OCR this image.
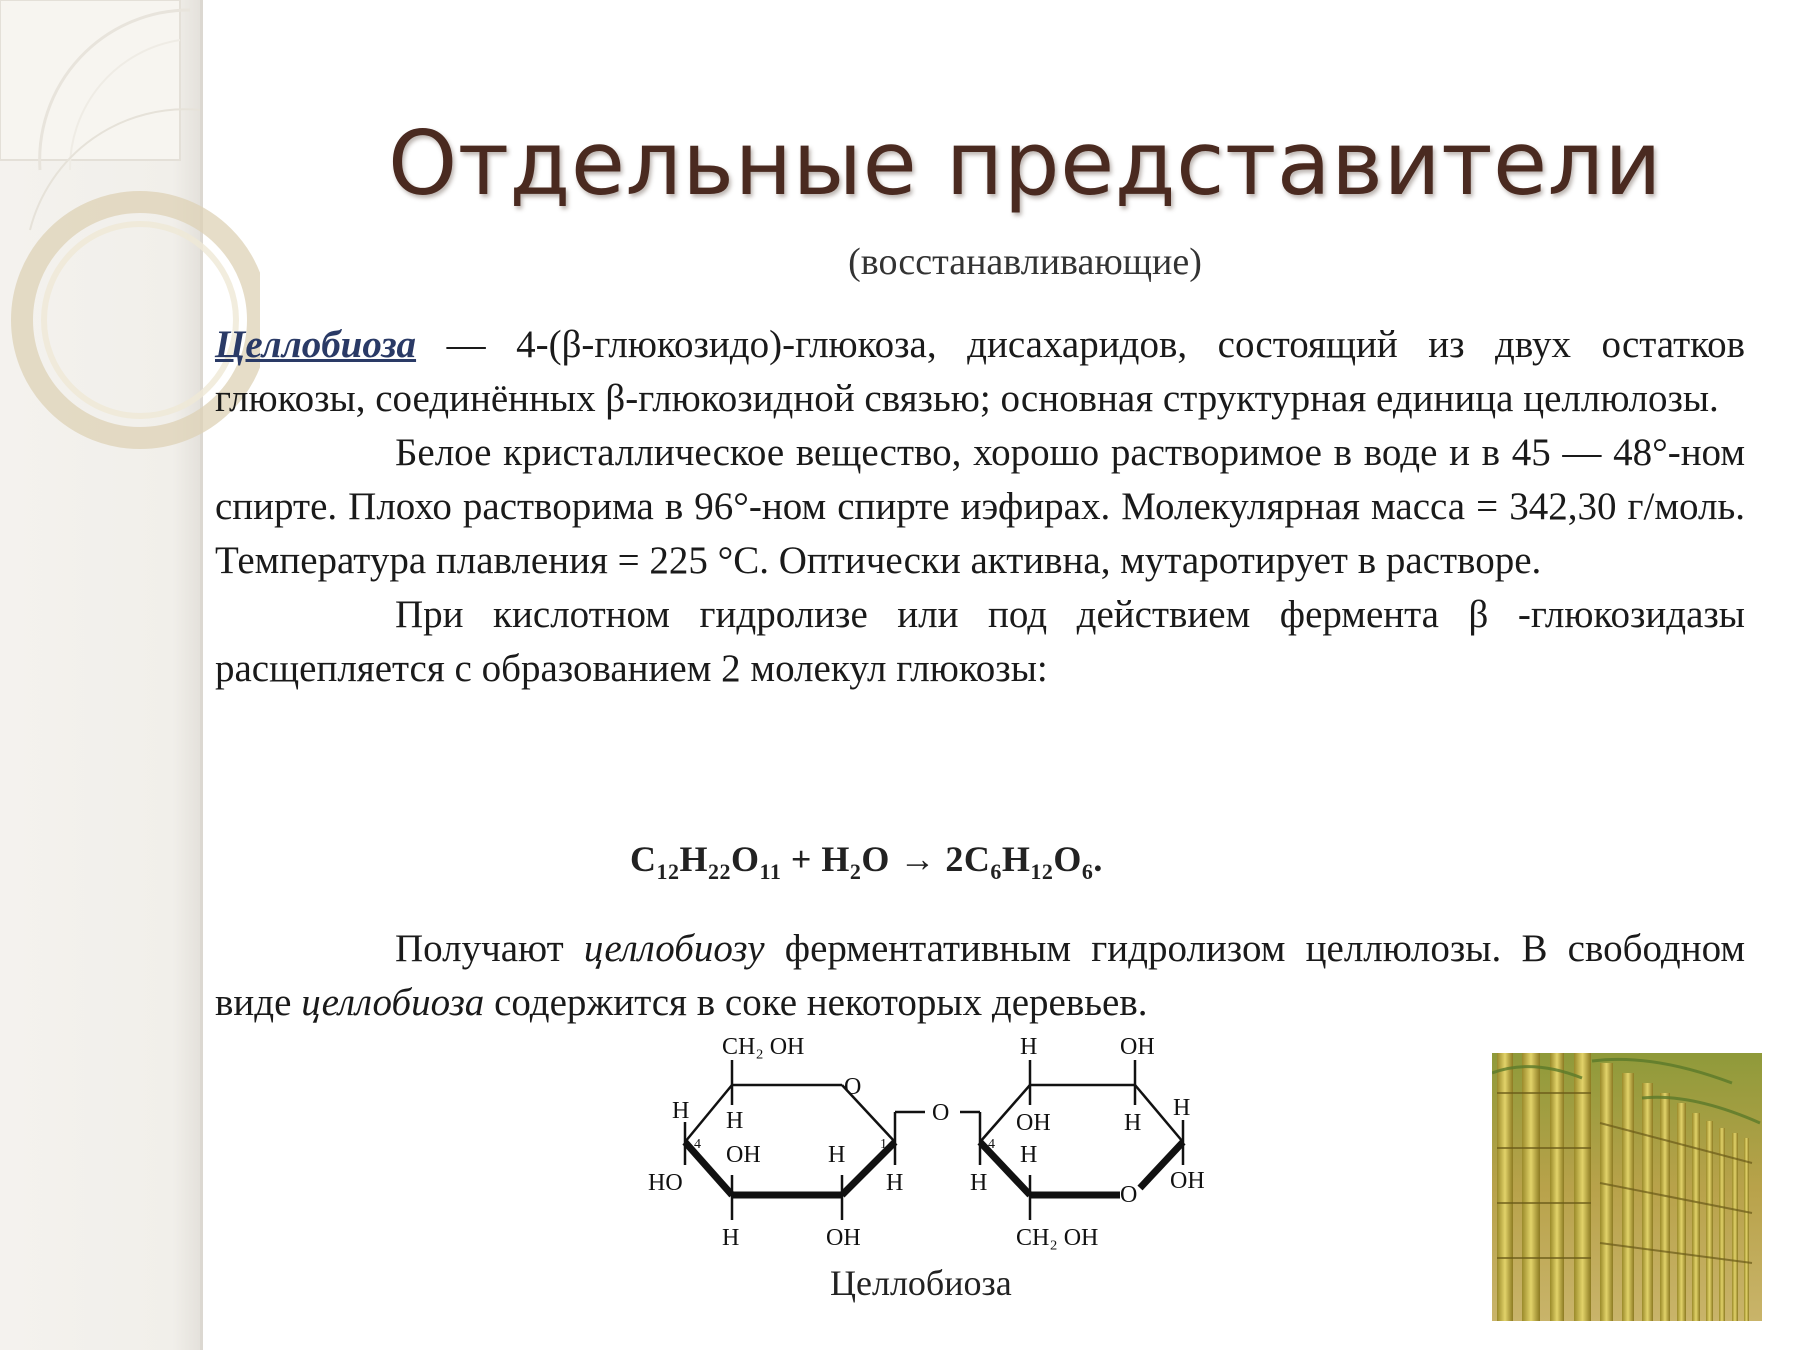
Отдельные представители
(восстанавливающие)

Целлобиоза — 4-(β-глюкозидо)-глюкоза, дисахаридов, состоящий из двух остатков глюкозы, соединённых β-глюкозидной связью; основная структурная единица целлюлозы.

Белое кристаллическое вещество, хорошо растворимое в воде и в 45 — 48°-ном спирте. Плохо растворима в 96°-ном спирте иэфирах. Молекулярная масса = 342,30 г/моль. Температура плавления = 225 °C. Оптически активна, мутаротирует в растворе.

При кислотном гидролизе или под действием фермента β -глюкозидазы расщепляется с образованием 2 молекул глюкозы:

$C_{12}H_{22}O_{11} + H_2O \to 2C_6H_{12}O_6$.

Получают целлобиозу ферментативным гидролизом целлюлозы. В свободном виде целлобиоза содержится в соке некоторых деревьев.

CH₂ OH
O
H H
4 OH	H 1
HO
H	OH
H
O
H	OH
OH	H
H
4 H
H	O
OH
CH₂ OH
Целлобиоза
